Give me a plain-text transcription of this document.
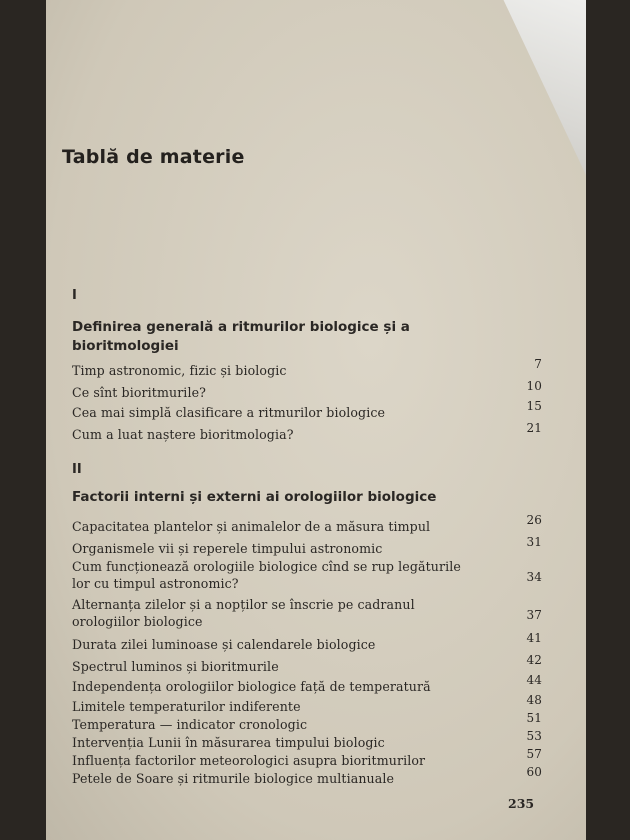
Tablă de materie
I
Definirea generală a ritmurilor biologice și a bioritmologiei
Timp astronomic, fizic și biologic	7
Ce sînt bioritmurile?	10
Cea mai simplă clasificare a ritmurilor biologice	15
Cum a luat naștere bioritmologia?	21
II
Factorii interni și externi ai orologiilor biologice
Capacitatea plantelor și animalelor de a măsura timpul	26
Organismele vii și reperele timpului astronomic	31
Cum funcționează orologiile biologice cînd se rup legăturile lor cu timpul astronomic?	34
Alternanța zilelor și a nopților se înscrie pe cadranul orologiilor biologice	37
Durata zilei luminoase și calendarele biologice	41
Spectrul luminos și bioritmurile	42
Independența orologiilor biologice față de temperatură	44
Limitele temperaturilor indiferente	48
Temperatura — indicator cronologic	51
Intervenția Lunii în măsurarea timpului biologic	53
Influența factorilor meteorologici asupra bioritmurilor	57
Petele de Soare și ritmurile biologice multianuale	60
235
